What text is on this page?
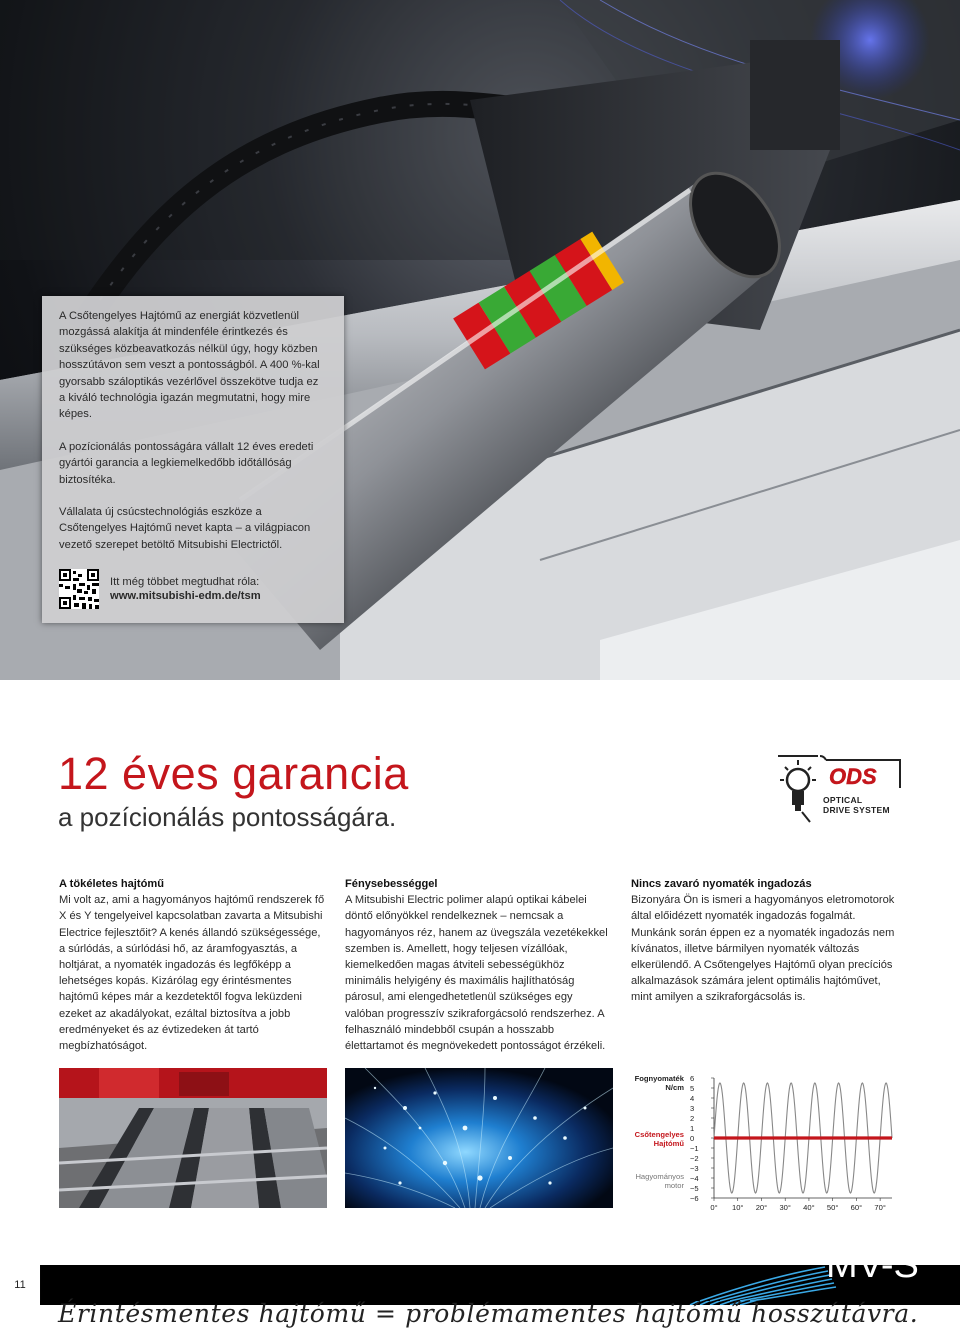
A Csőtengelyes Hajtómű az energiát közvetlenül mozgássá alakítja át mindenféle érintkezés és szükséges közbeavatkozás nélkül úgy, hogy közben hosszútávon sem veszt a pontosságból. A 400 %-kal gyorsabb száloptikás vezérlővel összekötve tudja ez a kiváló technológia igazán megmutatni, hogy mire képes.

A pozícionálás pontosságára vállalt 12 éves eredeti gyártói garancia a legkiemelkedőbb időtállóság biztosítéka.

Vállalata új csúcstechnológiás eszköze a Csőtengelyes Hajtómű nevet kapta – a világpiacon vezető szerepet betöltő Mitsubishi Electrictől.

Itt még többet megtudhat róla:
www.mitsubishi-edm.de/tsm
12 éves garancia
a pozícionálás pontosságára.
ODS
OPTICAL
DRIVE SYSTEM
A tökéletes hajtómű

Mi volt az, ami a hagyományos hajtómű rendszerek fő X és Y tengelyeivel kapcsolatban zavarta a Mitsubishi Electrice fejlesztőit? A kenés állandó szükségessége, a súrlódás, a súrlódási hő, az áramfogyasztás, a holtjárat, a nyomaték ingadozás és legfőképp a lehetséges kopás. Kizárólag egy érintésmentes hajtómű képes már a kezdetektől fogva leküzdeni ezeket az akadályokat, ezáltal biztosítva a jobb eredményeket és az évtizedeken át tartó megbízhatóságot.

Fénysebességgel

A Mitsubishi Electric polimer alapú optikai kábelei döntő előnyökkel rendelkeznek – nemcsak a hagyományos réz, hanem az üvegszála vezetékekkel szemben is. Amellett, hogy teljesen vízállóak, kiemelkedően magas átviteli sebességükhöz minimális helyigény és maximális hajlíthatóság párosul, ami elengedhetetlenül szükséges egy valóban progresszív szikraforgácsoló rendszerhez. A felhasználó mindebből csupán a hosszabb élettartamot és megnövekedett pontosságot érzékeli.

Nincs zavaró nyomaték ingadozás

Bizonyára Ön is ismeri a hagyományos eletromotorok által előidézett nyomaték ingadozás fogalmát. Munkánk során éppen ez a nyomaték ingadozás nem kívánatos, illetve bármilyen nyomaték változás elkerülendő. A Csőtengelyes Hajtómű olyan precíciós alkalmazások számára jelent optimális hajtóművet, mint amilyen a szikraforgácsolás is.

Fognyomaték N/cm
Csőtengelyes Hajtómű
Hagyományos motor
6
5
4
3
2
1
0
−1
−2
−3
−4
−5
−6
0°	10°	20°	30°	40°	50°	60°	70°
11	MV-S
Érintésmentes hajtómű = problémamentes hajtómű hosszútávra.
